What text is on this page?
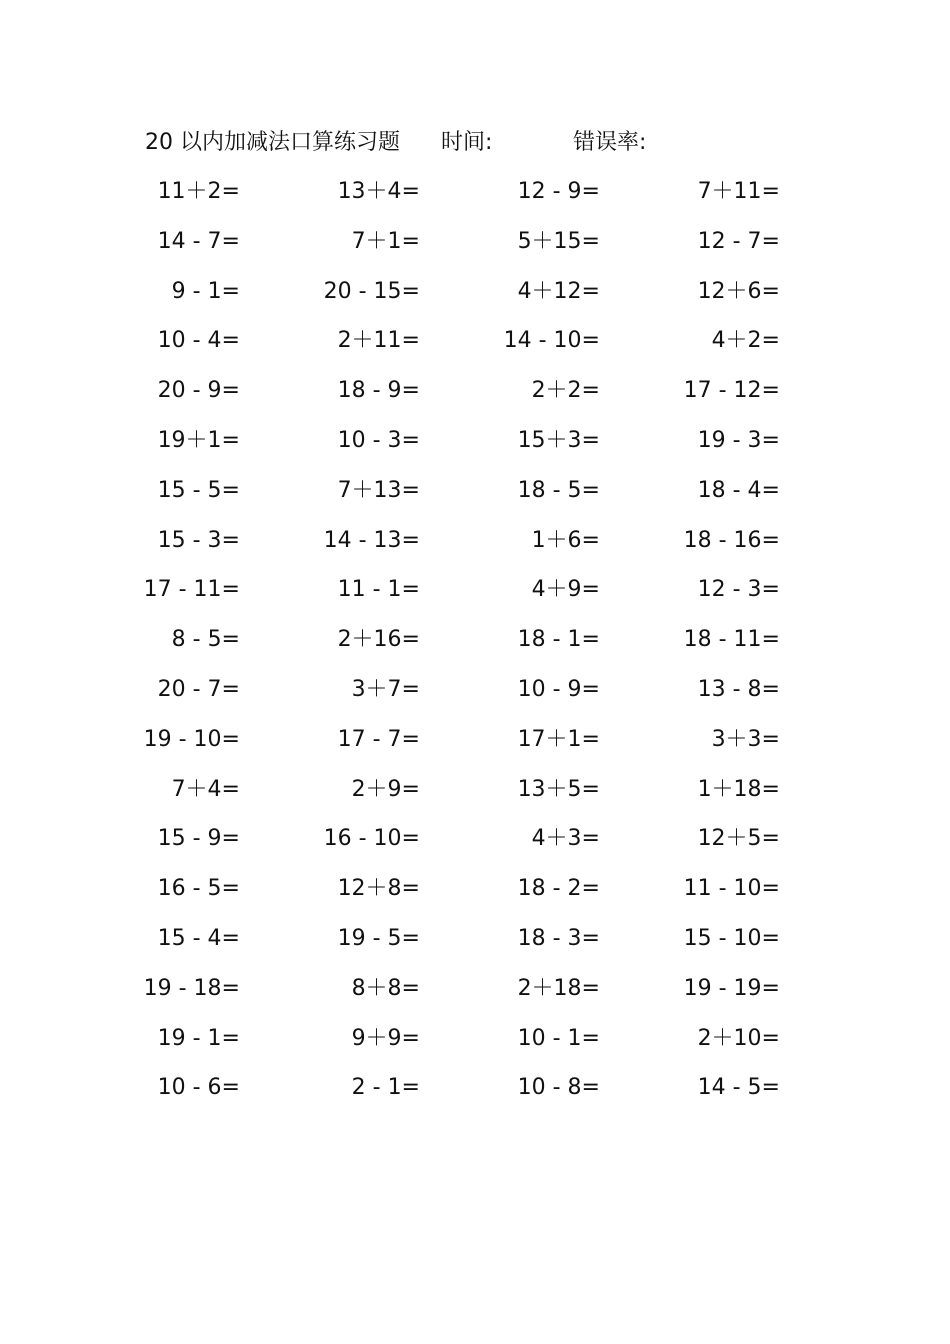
20 以内加减法口算练习题 时间:	错误率:
11＋2=	13＋4=	12 - 9=	7＋11=
14 - 7=	7＋1=	5＋15=	12 - 7=
9 - 1=	20 - 15=	4＋12=	12＋6=
10 - 4=	2＋11=	14 - 10=	4＋2=
20 - 9=	18 - 9=	2＋2=	17 - 12=
19＋1=	10 - 3=	15＋3=	19 - 3=
15 - 5=	7＋13=	18 - 5=	18 - 4=
15 - 3=	14 - 13=	1＋6=	18 - 16=
17 - 11=	11 - 1=	4＋9=	12 - 3=
8 - 5=	2＋16=	18 - 1=	18 - 11=
20 - 7=	3＋7=	10 - 9=	13 - 8=
19 - 10=	17 - 7=	17＋1=	3＋3=
7＋4=	2＋9=	13＋5=	1＋18=
15 - 9=	16 - 10=	4＋3=	12＋5=
16 - 5=	12＋8=	18 - 2=	11 - 10=
15 - 4=	19 - 5=	18 - 3=	15 - 10=
19 - 18=	8＋8=	2＋18=	19 - 19=
19 - 1=	9＋9=	10 - 1=	2＋10=
10 - 6=	2 - 1=	10 - 8=	14 - 5=
